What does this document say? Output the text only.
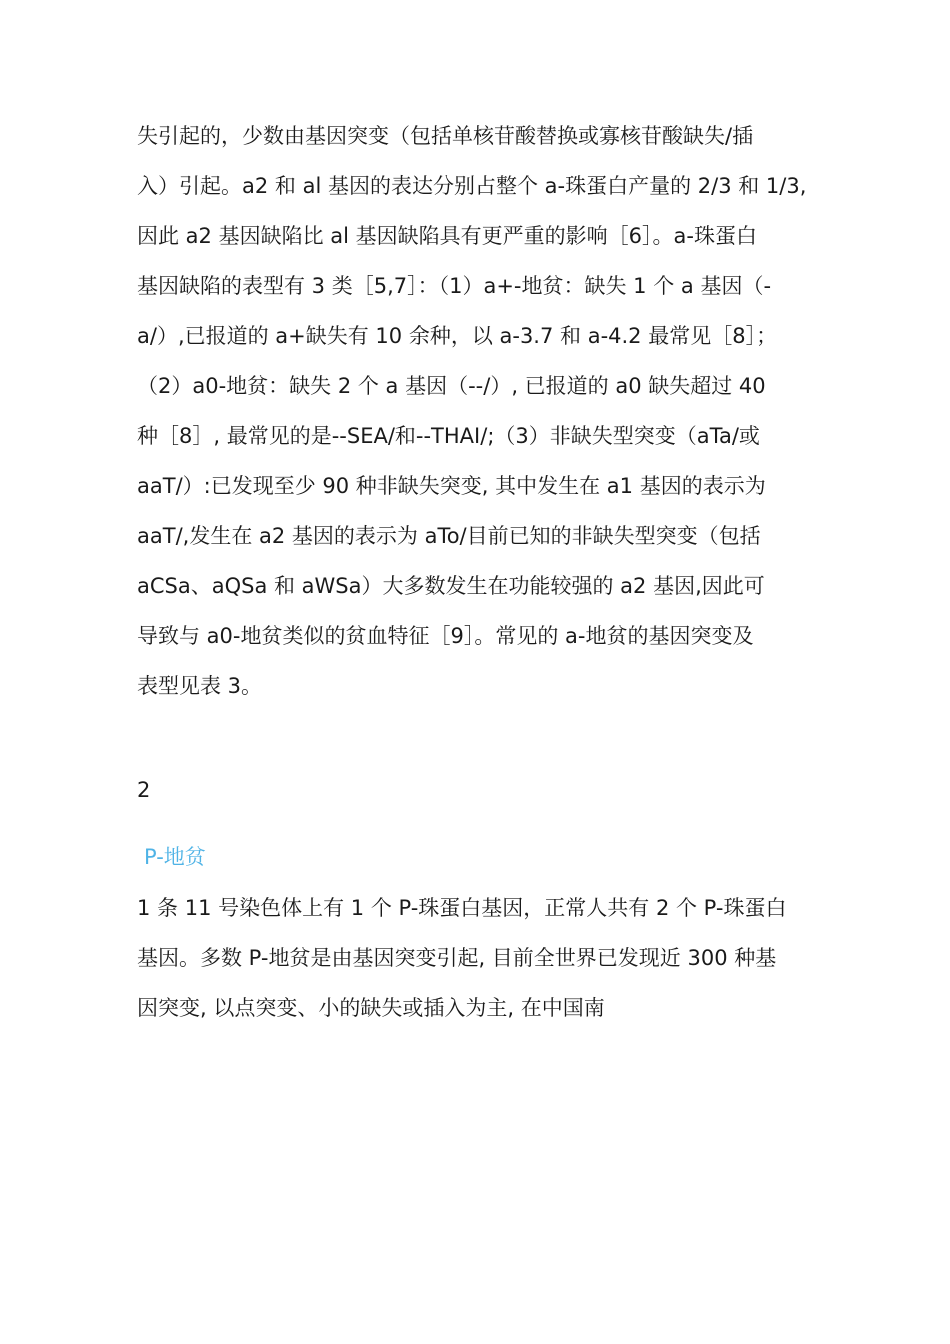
失引起的，少数由基因突变（包括单核苷酸替换或寡核苷酸缺失/插
入）引起。a2 和 al 基因的表达分别占整个 a-珠蛋白产量的 2/3 和 1/3,
因此 a2 基因缺陷比 al 基因缺陷具有更严重的影响［6］。a-珠蛋白
基因缺陷的表型有 3 类［5,7］：（1）a+-地贫：缺失 1 个 a 基因（-
a/）,已报道的 a+缺失有 10 余种，以 a-3.7 和 a-4.2 最常见［8］；
（2）a0-地贫：缺失 2 个 a 基因（--/）, 已报道的 a0 缺失超过 40
种［8］, 最常见的是--SEA/和--THAI/;（3）非缺失型突变（aTa/或
aaT/）:已发现至少 90 种非缺失突变, 其中发生在 a1 基因的表示为
aaT/,发生在 a2 基因的表示为 aTo/目前已知的非缺失型突变（包括
aCSa、aQSa 和 aWSa）大多数发生在功能较强的 a2 基因,因此可
导致与 a0-地贫类似的贫血特征［9］。常见的 a-地贫的基因突变及
表型见表 3。

2

P-地贫
1 条 11 号染色体上有 1 个 P-珠蛋白基因，正常人共有 2 个 P-珠蛋白
基因。多数 P-地贫是由基因突变引起, 目前全世界已发现近 300 种基
因突变, 以点突变、小的缺失或插入为主, 在中国南
